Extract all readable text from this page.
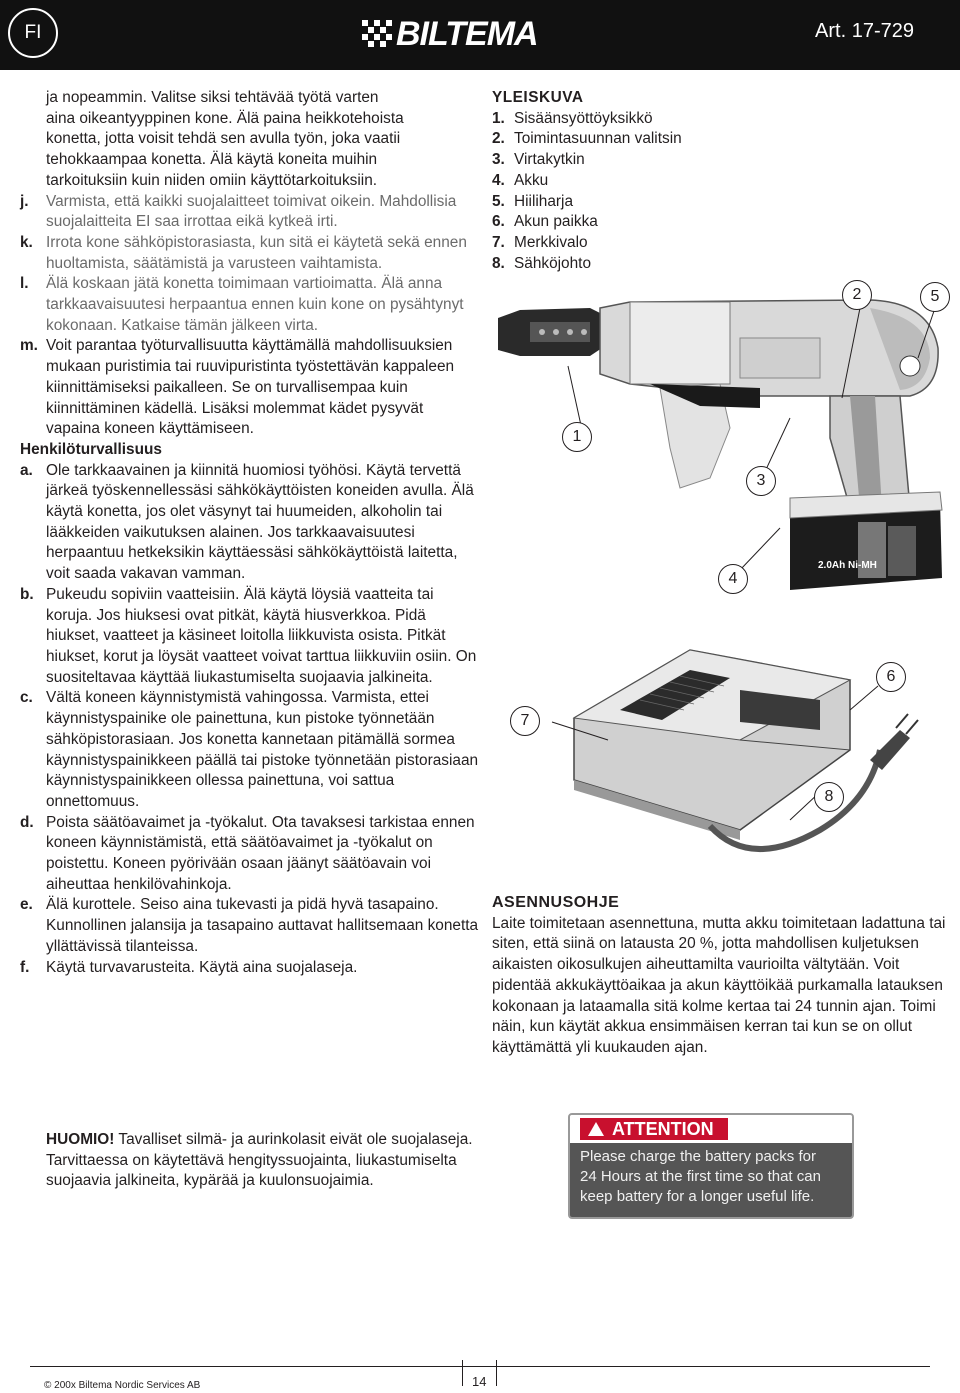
FI	BILTEMA	Art. 17-729

ja nopeammin. Valitse siksi tehtävää työtä varten

aina oikeantyyppinen kone. Älä paina heikkotehoista

konetta, jotta voisit tehdä sen avulla työn, joka vaatii

tehokkaampaa konetta. Älä käytä koneita muihin

tarkoituksiin kuin niiden omiin käyttötarkoituksiin.

j.	Varmista, että kaikki suojalaitteet toimivat oikein. Mahdollisia suojalaitteita EI saa irrottaa eikä kytkeä irti.
k. Irrota kone sähköpistorasiasta, kun sitä ei käytetä sekä ennen huoltamista, säätämistä ja varusteen vaihtamista.
l.	Älä koskaan jätä konetta toimimaan vartioimatta. Älä anna tarkkaavaisuutesi herpaantua ennen kuin kone on pysähtynyt kokonaan. Katkaise tämän jälkeen virta.
m. Voit parantaa työturvallisuutta käyttämällä mahdollisuuksien mukaan puristimia tai ruuvipuristinta työstettävän kappaleen kiinnittämiseksi paikalleen. Se on turvallisempaa kuin kiinnittäminen kädellä. Lisäksi molemmat kädet pysyvät vapaina koneen käyttämiseen.
Henkilöturvallisuus
a. Ole tarkkaavainen ja kiinnitä huomiosi työhösi. Käytä tervettä järkeä työskennellessäsi sähkökäyttöisten koneiden avulla. Älä käytä konetta, jos olet väsynyt tai huumeiden, alkoholin tai lääkkeiden vaikutuksen alainen. Jos tarkkaavaisuutesi herpaantuu hetkeksikin käyttäessäsi sähkökäyttöistä laitetta, voit saada vakavan vamman.
b. Pukeudu sopiviin vaatteisiin. Älä käytä löysiä vaatteita tai koruja. Jos hiuksesi ovat pitkät, käytä hiusverkkoa. Pidä hiukset, vaatteet ja käsineet loitolla liikkuvista osista. Pitkät hiukset, korut ja löysät vaatteet voivat tarttua liikkuviin osiin. On suositeltavaa käyttää liukastumiselta suojaavia jalkineita.
c. Vältä koneen käynnistymistä vahingossa. Varmista, ettei käynnistyspainike ole painettuna, kun pistoke työnnetään sähköpistorasiaan. Jos konetta kannetaan pitämällä sormea käynnistyspainikkeen päällä tai pistoke työnnetään pistorasiaan käynnistyspainikkeen ollessa painettuna, voi sattua onnettomuus.
d. Poista säätöavaimet ja -työkalut. Ota tavaksesi tarkistaa ennen koneen käynnistämistä, että säätöavaimet ja -työkalut on poistettu. Koneen pyörivään osaan jäänyt säätöavain voi aiheuttaa henkilövahinkoja.
e. Älä kurottele. Seiso aina tukevasti ja pidä hyvä tasapaino. Kunnollinen jalansija ja tasapaino auttavat hallitsemaan konetta yllättävissä tilanteissa.
f.	Käytä turvavarusteita. Käytä aina suojalaseja.
HUOMIO! Tavalliset silmä- ja aurinkolasit eivät ole suojalaseja. Tarvittaessa on käytettävä hengityssuojainta, liukastumiselta suojaavia jalkineita, kypärää ja kuulonsuojaimia.
YLEISKUVA
1. Sisäänsyöttöyksikkö
2. Toimintasuunnan valitsin
3. Virtakytkin
4. Akku
5. Hiiliharja
6. Akun paikka
7. Merkkivalo
8. Sähköjohto
2.0Ah Ni-MH
1
2
3
4
5
6
7
8
ASENNUSOHJE
Laite toimitetaan asennettuna, mutta akku toimitetaan ladattuna tai siten, että siinä on latausta 20 %, jotta mahdollisen kuljetuksen aikaisten oikosulkujen aiheuttamilta vaurioilta vältytään. Voit pidentää akkukäyttöaikaa ja akun käyttöikää purkamalla latauksen kokonaan ja lataamalla sitä kolme kertaa tai 24 tunnin ajan. Toimi näin, kun käytät akkua ensimmäisen kerran tai kun se on ollut käyttämättä yli kuukauden ajan.
ATTENTION
Please charge the battery packs for
24 Hours at the first time so that can
keep battery for a longer useful life.
© 200x Biltema Nordic Services AB	14
